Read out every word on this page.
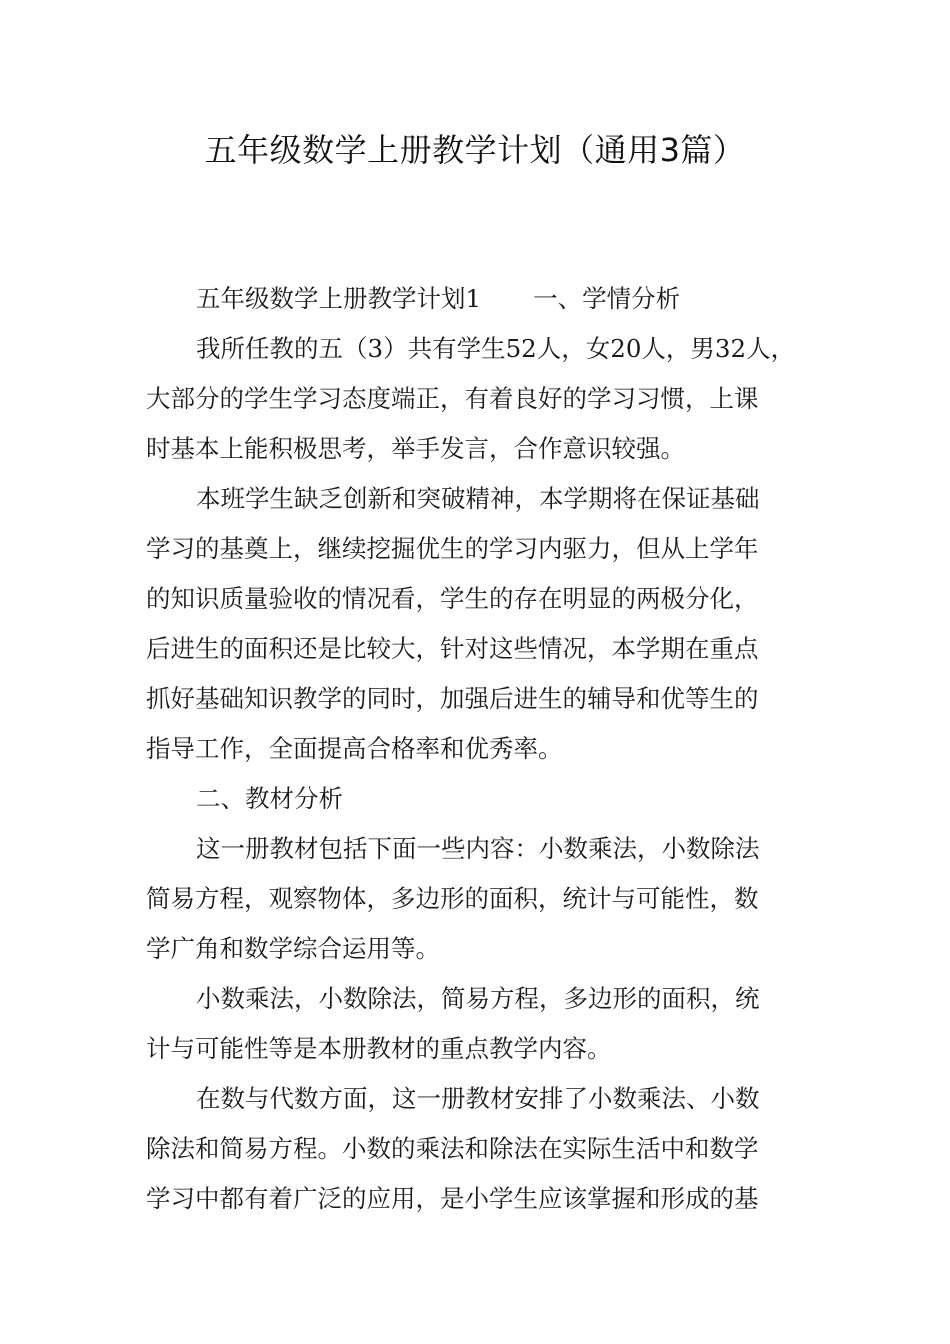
五年级数学上册教学计划（通用3篇）
五年级数学上册教学计划1 一、学情分析
我所任教的五（3）共有学生52人，女20人，男32人，
大部分的学生学习态度端正，有着良好的学习习惯，上课
时基本上能积极思考，举手发言，合作意识较强。
本班学生缺乏创新和突破精神，本学期将在保证基础
学习的基奠上，继续挖掘优生的学习内驱力，但从上学年
的知识质量验收的情况看，学生的存在明显的两极分化，
后进生的面积还是比较大，针对这些情况，本学期在重点
抓好基础知识教学的同时，加强后进生的辅导和优等生的
指导工作，全面提高合格率和优秀率。
二、教材分析
这一册教材包括下面一些内容：小数乘法，小数除法
简易方程，观察物体，多边形的面积，统计与可能性，数
学广角和数学综合运用等。
小数乘法，小数除法，简易方程，多边形的面积，统
计与可能性等是本册教材的重点教学内容。
在数与代数方面，这一册教材安排了小数乘法、小数
除法和简易方程。小数的乘法和除法在实际生活中和数学
学习中都有着广泛的应用，是小学生应该掌握和形成的基
